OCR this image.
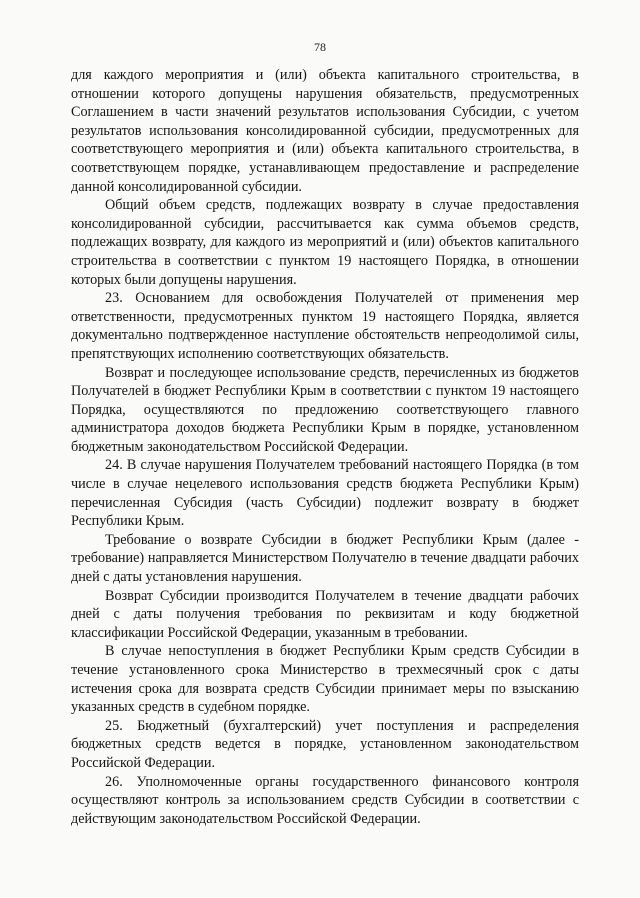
78

для каждого мероприятия и (или) объекта капитального строительства, в отношении которого допущены нарушения обязательств, предусмотренных Соглашением в части значений результатов использования Субсидии, с учетом результатов использования консолидированной субсидии, предусмотренных для соответствующего мероприятия и (или) объекта капитального строительства, в соответствующем порядке, устанавливающем предоставление и распределение данной консолидированной субсидии.

Общий объем средств, подлежащих возврату в случае предоставления консолидированной субсидии, рассчитывается как сумма объемов средств, подлежащих возврату, для каждого из мероприятий и (или) объектов капитального строительства в соответствии с пунктом 19 настоящего Порядка, в отношении которых были допущены нарушения.

23. Основанием для освобождения Получателей от применения мер ответственности, предусмотренных пунктом 19 настоящего Порядка, является документально подтвержденное наступление обстоятельств непреодолимой силы, препятствующих исполнению соответствующих обязательств.

Возврат и последующее использование средств, перечисленных из бюджетов Получателей в бюджет Республики Крым в соответствии с пунктом 19 настоящего Порядка, осуществляются по предложению соответствующего главного администратора доходов бюджета Республики Крым в порядке, установленном бюджетным законодательством Российской Федерации.

24. В случае нарушения Получателем требований настоящего Порядка (в том числе в случае нецелевого использования средств бюджета Республики Крым) перечисленная Субсидия (часть Субсидии) подлежит возврату в бюджет Республики Крым.

Требование о возврате Субсидии в бюджет Республики Крым (далее - требование) направляется Министерством Получателю в течение двадцати рабочих дней с даты установления нарушения.

Возврат Субсидии производится Получателем в течение двадцати рабочих дней с даты получения требования по реквизитам и коду бюджетной классификации Российской Федерации, указанным в требовании.

В случае непоступления в бюджет Республики Крым средств Субсидии в течение установленного срока Министерство в трехмесячный срок с даты истечения срока для возврата средств Субсидии принимает меры по взысканию указанных средств в судебном порядке.

25. Бюджетный (бухгалтерский) учет поступления и распределения бюджетных средств ведется в порядке, установленном законодательством Российской Федерации.

26. Уполномоченные органы государственного финансового контроля осуществляют контроль за использованием средств Субсидии в соответствии с действующим законодательством Российской Федерации.
